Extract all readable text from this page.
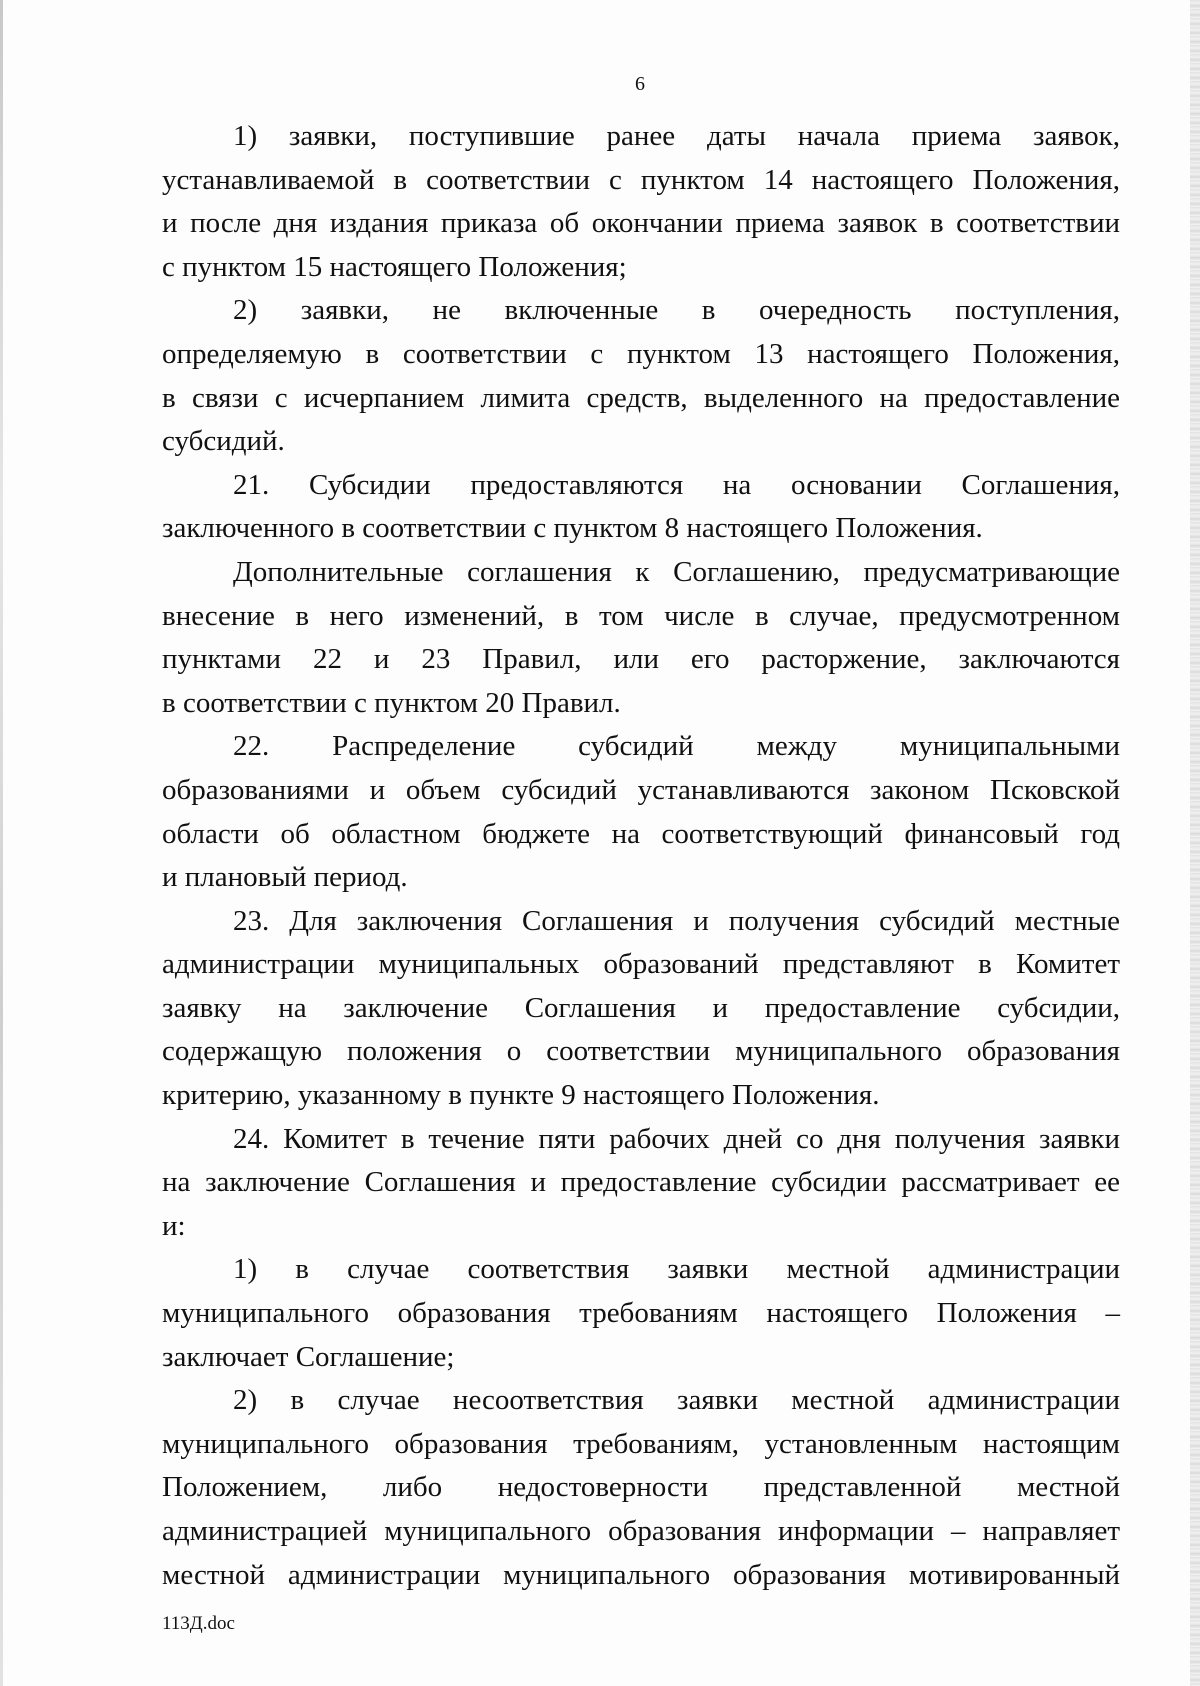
6

1) заявки, поступившие ранее даты начала приема заявок,
устанавливаемой в соответствии с пунктом 14 настоящего Положения,
и после дня издания приказа об окончании приема заявок в соответствии
с пунктом 15 настоящего Положения;

2) заявки, не включенные в очередность поступления,
определяемую в соответствии с пунктом 13 настоящего Положения,
в связи с исчерпанием лимита средств, выделенного на предоставление
субсидий.

21. Субсидии предоставляются на основании Соглашения,
заключенного в соответствии с пунктом 8 настоящего Положения.

Дополнительные соглашения к Соглашению, предусматривающие
внесение в него изменений, в том числе в случае, предусмотренном
пунктами 22 и 23 Правил, или его расторжение, заключаются
в соответствии с пунктом 20 Правил.

22. Распределение субсидий между муниципальными
образованиями и объем субсидий устанавливаются законом Псковской
области об областном бюджете на соответствующий финансовый год
и плановый период.

23. Для заключения Соглашения и получения субсидий местные
администрации муниципальных образований представляют в Комитет
заявку на заключение Соглашения и предоставление субсидии,
содержащую положения о соответствии муниципального образования
критерию, указанному в пункте 9 настоящего Положения.

24. Комитет в течение пяти рабочих дней со дня получения заявки
на заключение Соглашения и предоставление субсидии рассматривает ее
и:

1) в случае соответствия заявки местной администрации
муниципального образования требованиям настоящего Положения –
заключает Соглашение;

2) в случае несоответствия заявки местной администрации
муниципального образования требованиям, установленным настоящим
Положением, либо недостоверности представленной местной
администрацией муниципального образования информации – направляет
местной администрации муниципального образования мотивированный

113Д.doc
